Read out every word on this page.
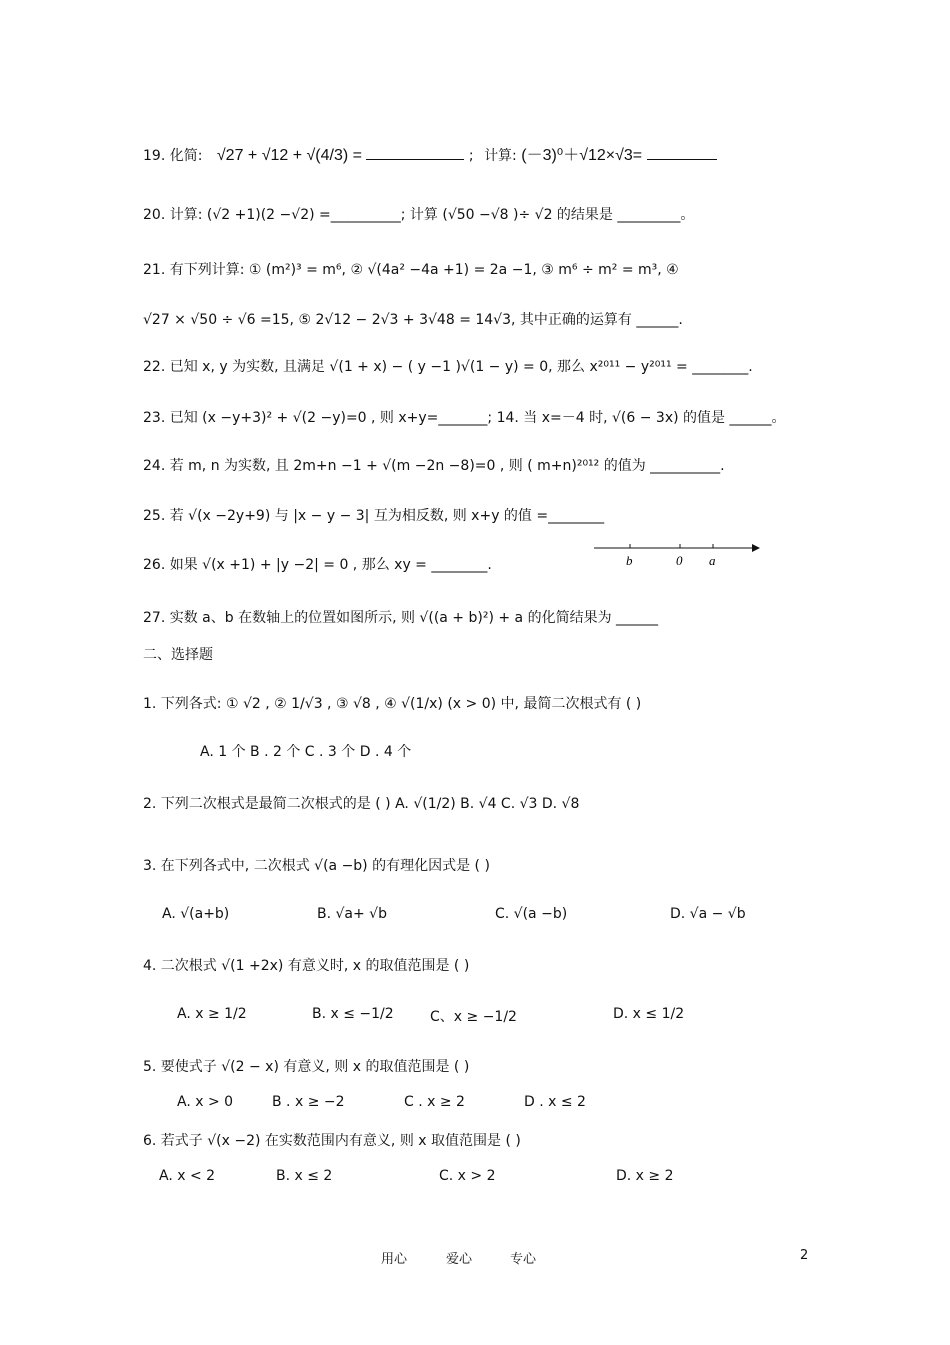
19. 化简: √27 + √12 + √(4/3) =	; 计算: (－3)⁰＋√12×√3=
20. 计算: (√2 +1)(2 −√2) =__________; 计算 (√50 −√8 )÷ √2 的结果是 _________。
21. 有下列计算: ① (m²)³ = m⁶, ② √(4a² −4a +1) = 2a −1, ③ m⁶ ÷ m² = m³, ④
√27 × √50 ÷ √6 =15, ⑤ 2√12 − 2√3 + 3√48 = 14√3, 其中正确的运算有 ______.
22. 已知 x, y 为实数, 且满足 √(1 + x) − ( y −1 )√(1 − y) = 0, 那么 x²⁰¹¹ − y²⁰¹¹ = ________.
23. 已知 (x −y+3)² + √(2 −y)=0 , 则 x+y=_______; 14. 当 x=－4 时, √(6 − 3x) 的值是 ______。
24. 若 m, n 为实数, 且 2m+n −1 + √(m −2n −8)=0 , 则 ( m+n)²⁰¹² 的值为 __________.
25. 若 √(x −2y+9) 与 |x − y − 3| 互为相反数, 则 x+y 的值 =________
26. 如果 √(x +1) + |y −2| = 0 , 那么 xy = ________.	b	0 a
27. 实数 a、b 在数轴上的位置如图所示, 则 √((a + b)²) + a 的化简结果为 ______
二、选择题
1. 下列各式: ① √2 , ② 1/√3 , ③ √8 , ④ √(1/x) (x > 0) 中, 最简二次根式有 ( )
A. 1 个 B . 2 个 C . 3 个 D . 4 个
2. 下列二次根式是最简二次根式的是 ( ) A. √(1/2) B. √4 C. √3 D. √8
3. 在下列各式中, 二次根式 √(a −b) 的有理化因式是 ( )
A. √(a+b)	B. √a+ √b	C. √(a −b)	D. √a − √b
4. 二次根式 √(1 +2x) 有意义时, x 的取值范围是 ( )
A. x ≥ 1/2	B. x ≤ −1/2	C、x ≥ −1/2	D. x ≤ 1/2
5. 要使式子 √(2 − x) 有意义, 则 x 的取值范围是 ( )
A. x > 0	B . x ≥ −2	C . x ≥ 2	D . x ≤ 2
6. 若式子 √(x −2) 在实数范围内有意义, 则 x 取值范围是 ( )
A. x < 2	B. x ≤ 2	C. x > 2	D. x ≥ 2
用心	爱心	专心	2
